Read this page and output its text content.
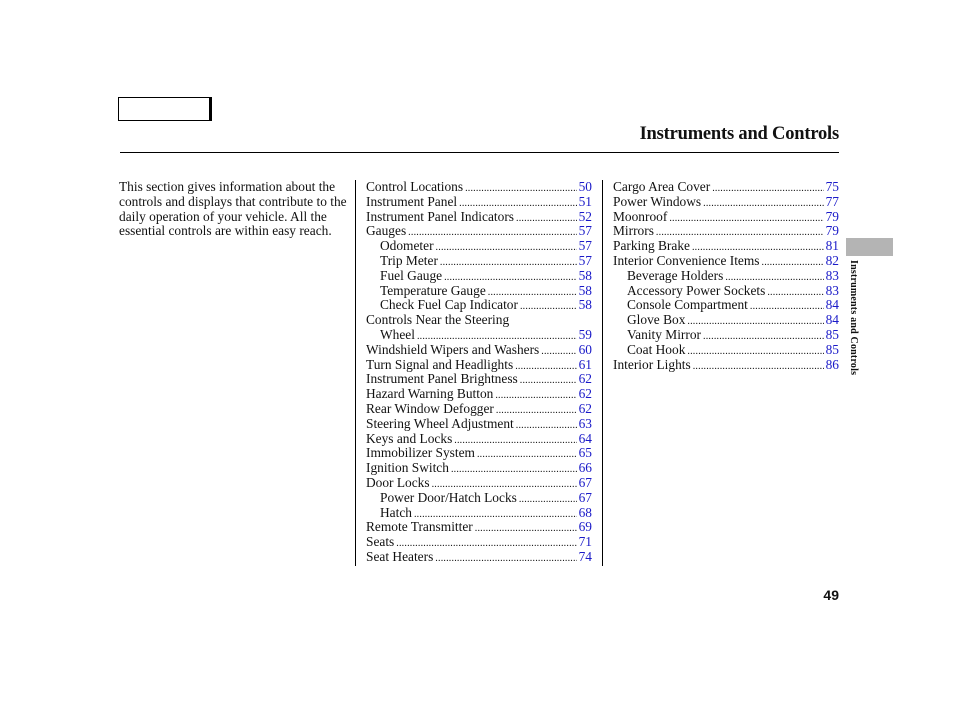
Instruments and Controls
This section gives information about the controls and displays that contribute to the daily operation of your vehicle. All the essential controls are within easy reach.
Control Locations .....	50
Instrument Panel .....	51
Instrument Panel Indicators .....	52
Gauges .....	57
Odometer .....	57
Trip Meter .....	57
Fuel Gauge .....	58
Temperature Gauge .....	58
Check Fuel Cap Indicator .....	58
Controls Near the Steering
Wheel .....	59
Windshield Wipers and Washers .....	60
Turn Signal and Headlights .....	61
Instrument Panel Brightness .....	62
Hazard Warning Button .....	62
Rear Window Defogger .....	62
Steering Wheel Adjustment .....	63
Keys and Locks .....	64
Immobilizer System .....	65
Ignition Switch .....	66
Door Locks .....	67
Power Door/Hatch Locks .....	67
Hatch .....	68
Remote Transmitter .....	69
Seats .....	71
Seat Heaters .....	74
Cargo Area Cover .....	75
Power Windows .....	77
Moonroof .....	79
Mirrors .....	79
Parking Brake .....	81
Interior Convenience Items .....	82
Beverage Holders .....	83
Accessory Power Sockets .....	83
Console Compartment .....	84
Glove Box .....	84
Vanity Mirror .....	85
Coat Hook .....	85
Interior Lights .....	86 Instruments and Controls
49
